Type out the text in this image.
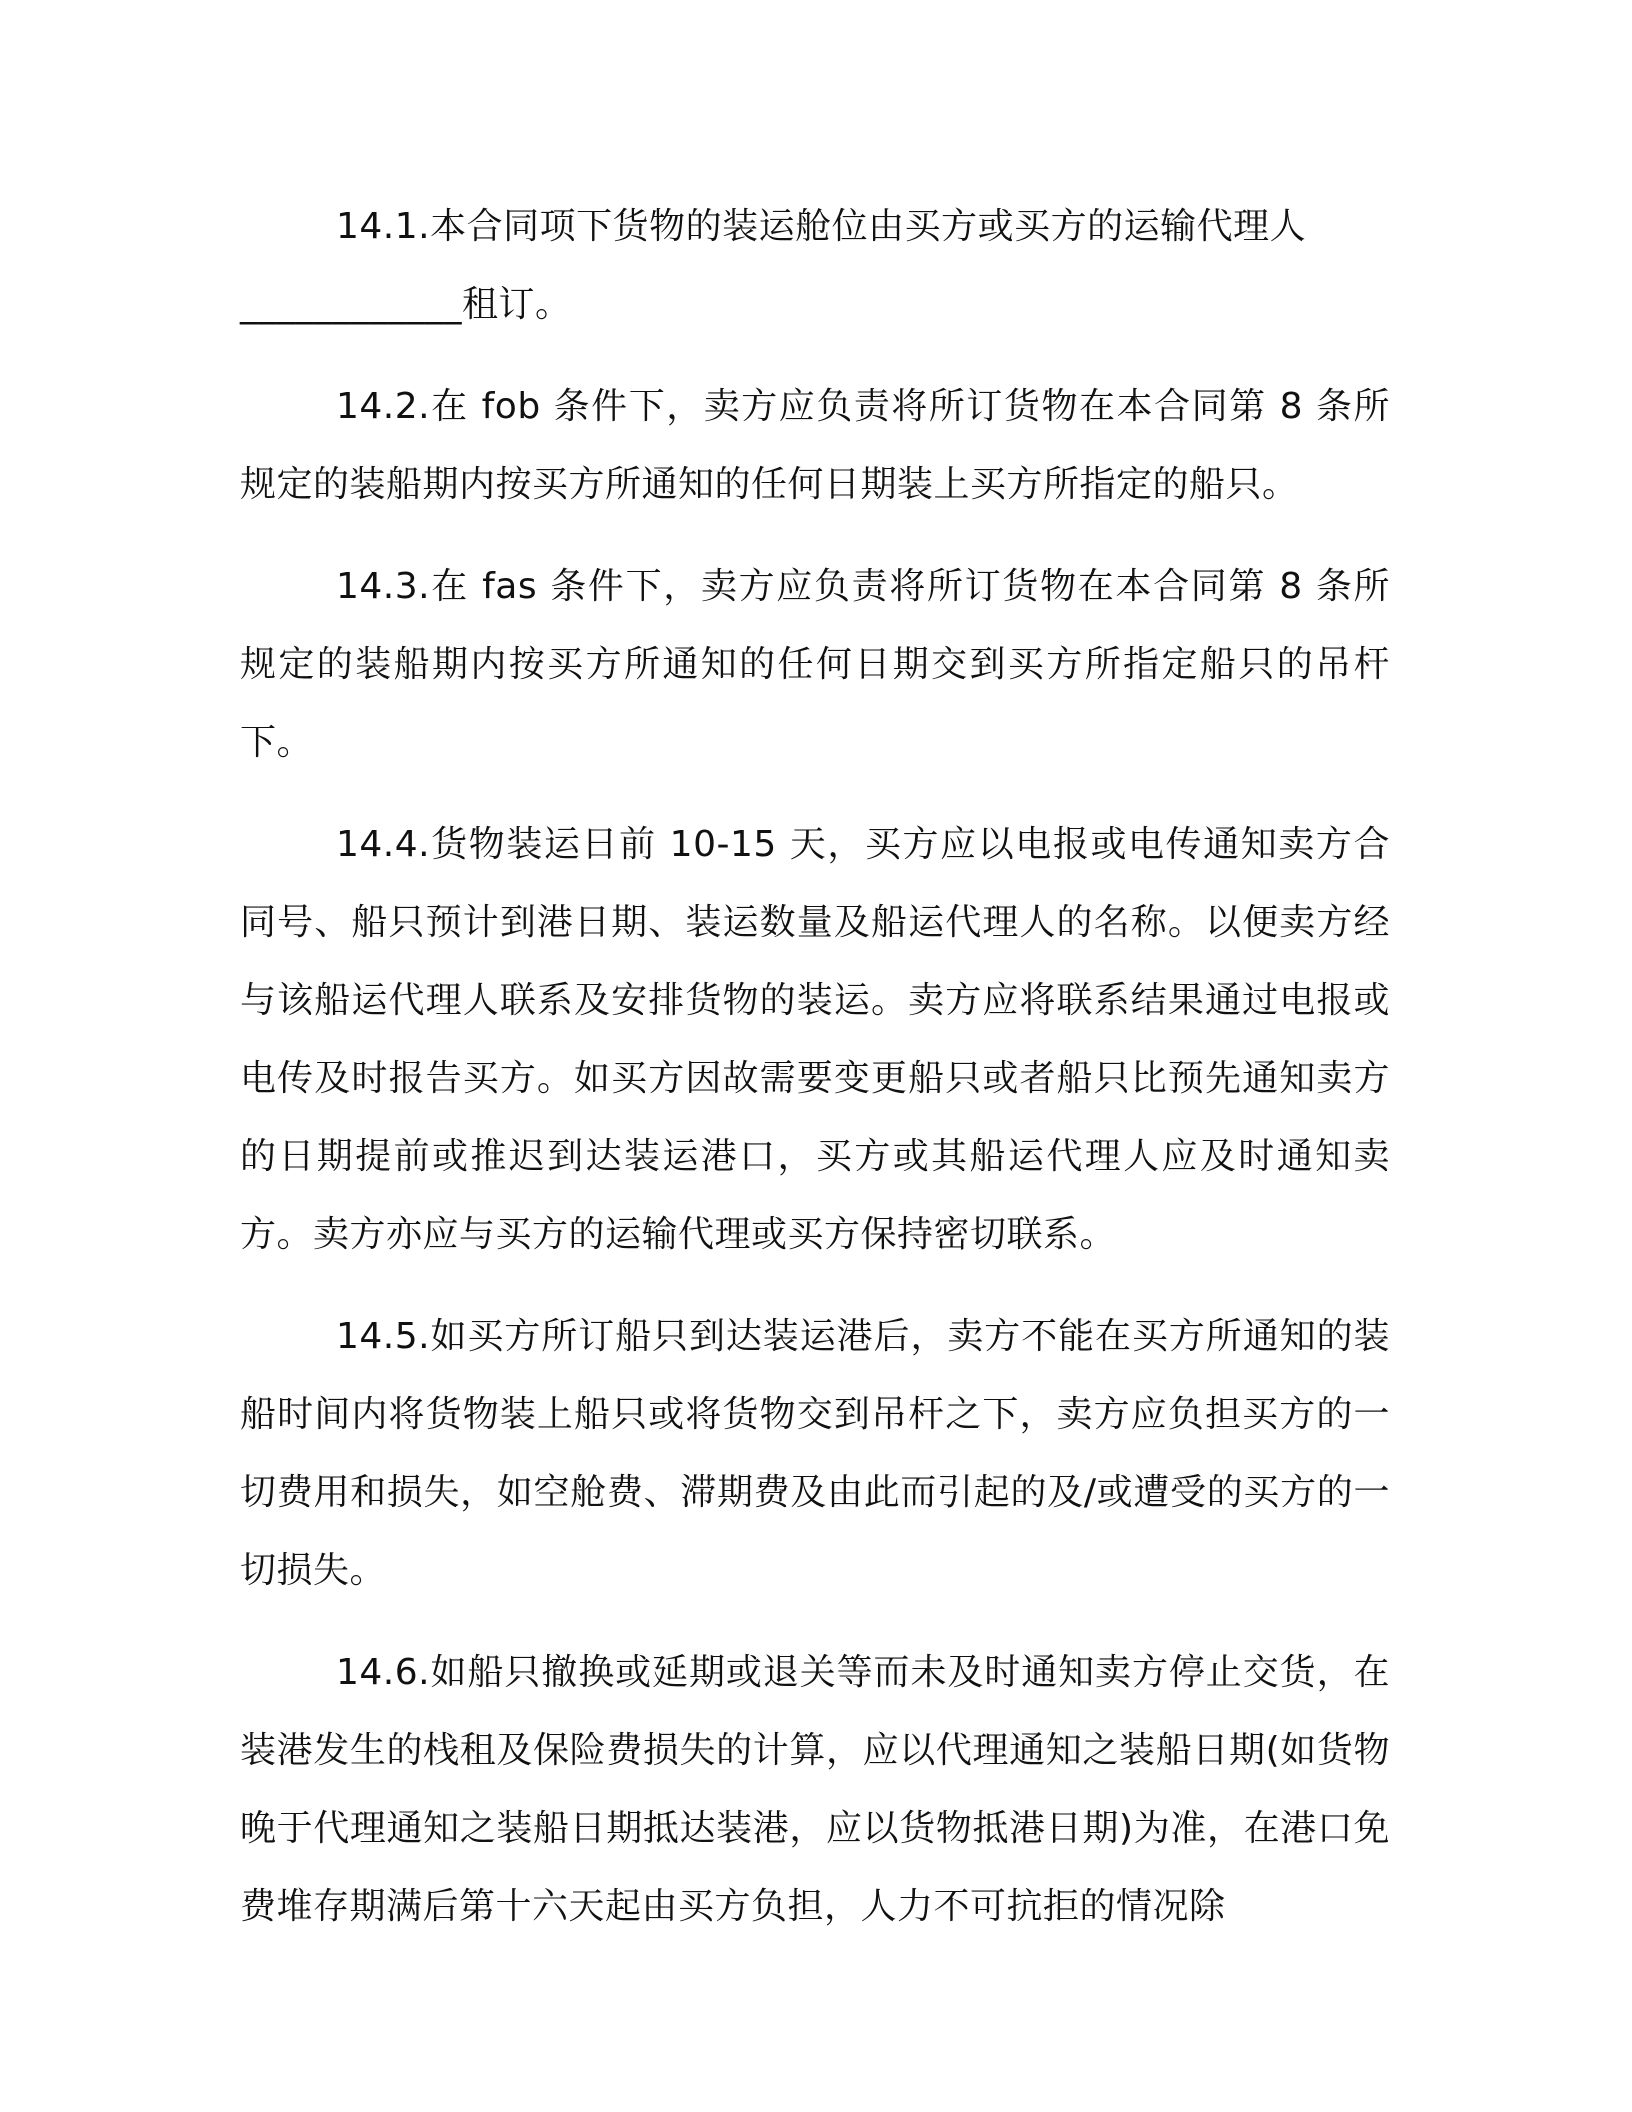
14.1.本合同项下货物的装运舱位由买方或买方的运输代理人
____________租订。

14.2.在 fob 条件下，卖方应负责将所订货物在本合同第 8 条所规定的装船期内按买方所通知的任何日期装上买方所指定的船只。

14.3.在 fas 条件下，卖方应负责将所订货物在本合同第 8 条所规定的装船期内按买方所通知的任何日期交到买方所指定船只的吊杆下。

14.4.货物装运日前 10-15 天，买方应以电报或电传通知卖方合同号、船只预计到港日期、装运数量及船运代理人的名称。以便卖方经与该船运代理人联系及安排货物的装运。卖方应将联系结果通过电报或电传及时报告买方。如买方因故需要变更船只或者船只比预先通知卖方的日期提前或推迟到达装运港口，买方或其船运代理人应及时通知卖方。卖方亦应与买方的运输代理或买方保持密切联系。

14.5.如买方所订船只到达装运港后，卖方不能在买方所通知的装船时间内将货物装上船只或将货物交到吊杆之下，卖方应负担买方的一切费用和损失，如空舱费、滞期费及由此而引起的及/或遭受的买方的一切损失。

14.6.如船只撤换或延期或退关等而未及时通知卖方停止交货，在装港发生的栈租及保险费损失的计算，应以代理通知之装船日期(如货物晚于代理通知之装船日期抵达装港，应以货物抵港日期)为准，在港口免费堆存期满后第十六天起由买方负担，人力不可抗拒的情况除
